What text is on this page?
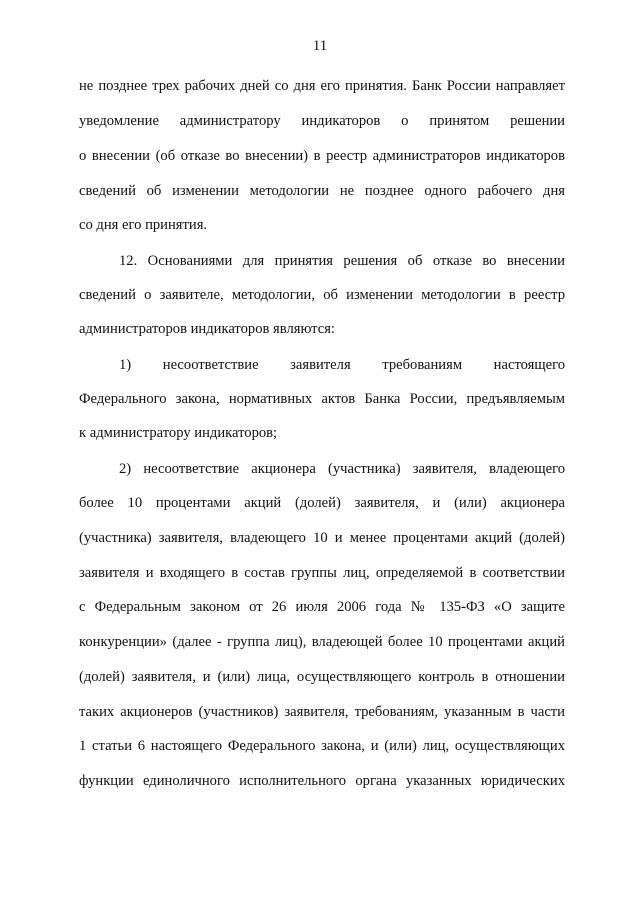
11
не позднее трех рабочих дней со дня его принятия. Банк России направляет
уведомление администратору индикаторов о принятом решении
о внесении (об отказе во внесении) в реестр администраторов индикаторов
сведений об изменении методологии не позднее одного рабочего дня
со дня его принятия.
12. Основаниями для принятия решения об отказе во внесении
сведений о заявителе, методологии, об изменении методологии в реестр
администраторов индикаторов являются:
1) несоответствие заявителя требованиям настоящего
Федерального закона, нормативных актов Банка России, предъявляемым
к администратору индикаторов;
2) несоответствие акционера (участника) заявителя, владеющего
более 10 процентами акций (долей) заявителя, и (или) акционера
(участника) заявителя, владеющего 10 и менее процентами акций (долей)
заявителя и входящего в состав группы лиц, определяемой в соответствии
с Федеральным законом от 26 июля 2006 года № 135-ФЗ «О защите
конкуренции» (далее - группа лиц), владеющей более 10 процентами акций
(долей) заявителя, и (или) лица, осуществляющего контроль в отношении
таких акционеров (участников) заявителя, требованиям, указанным в части
1 статьи 6 настоящего Федерального закона, и (или) лиц, осуществляющих
функции единоличного исполнительного органа указанных юридических
